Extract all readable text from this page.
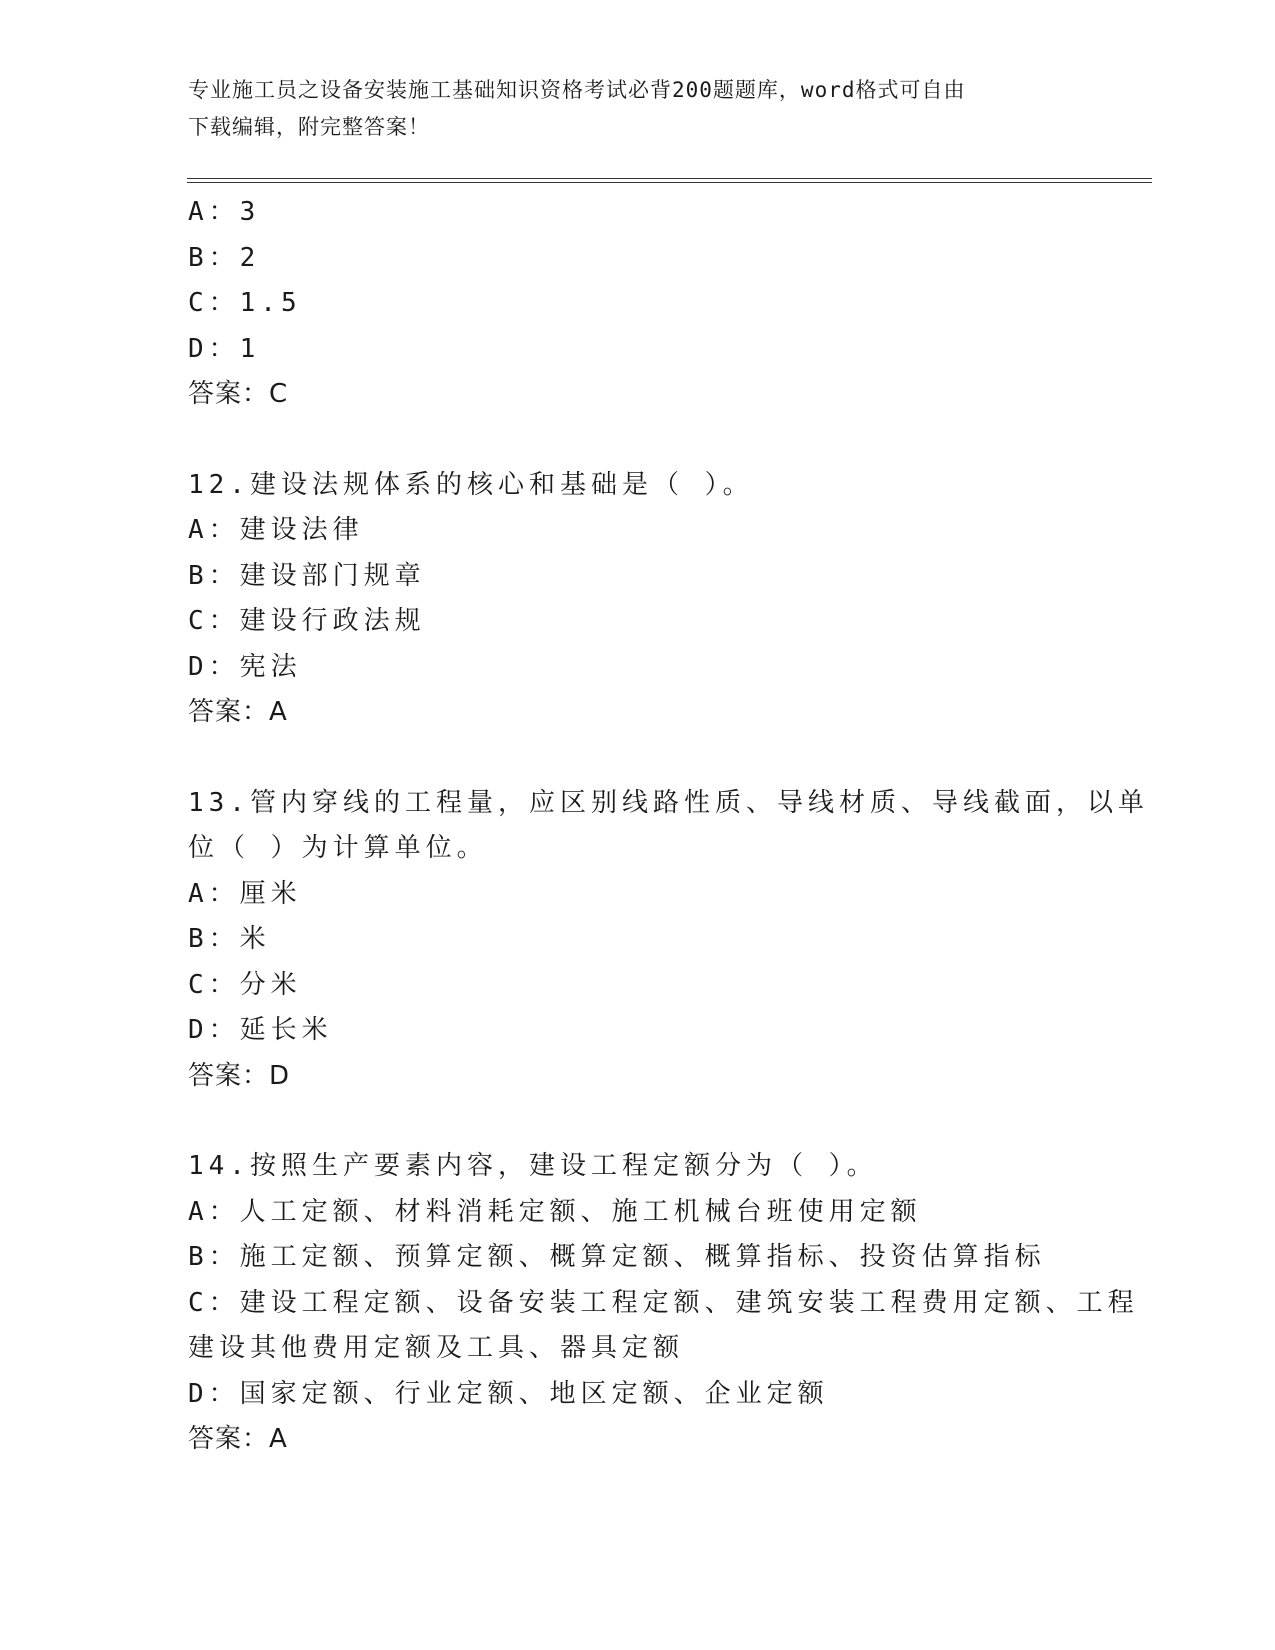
专业施工员之设备安装施工基础知识资格考试必背200题题库，word格式可自由
下载编辑，附完整答案！
A：3
B：2
C：1.5
D：1
答案：C
12.建设法规体系的核心和基础是（ ）。
A：建设法律
B：建设部门规章
C：建设行政法规
D：宪法
答案：A
13.管内穿线的工程量，应区别线路性质、导线材质、导线截面，以单
位（ ）为计算单位。
A：厘米
B：米
C：分米
D：延长米
答案：D
14.按照生产要素内容，建设工程定额分为（ ）。
A：人工定额、材料消耗定额、施工机械台班使用定额
B：施工定额、预算定额、概算定额、概算指标、投资估算指标
C：建设工程定额、设备安装工程定额、建筑安装工程费用定额、工程
建设其他费用定额及工具、器具定额
D：国家定额、行业定额、地区定额、企业定额
答案：A
